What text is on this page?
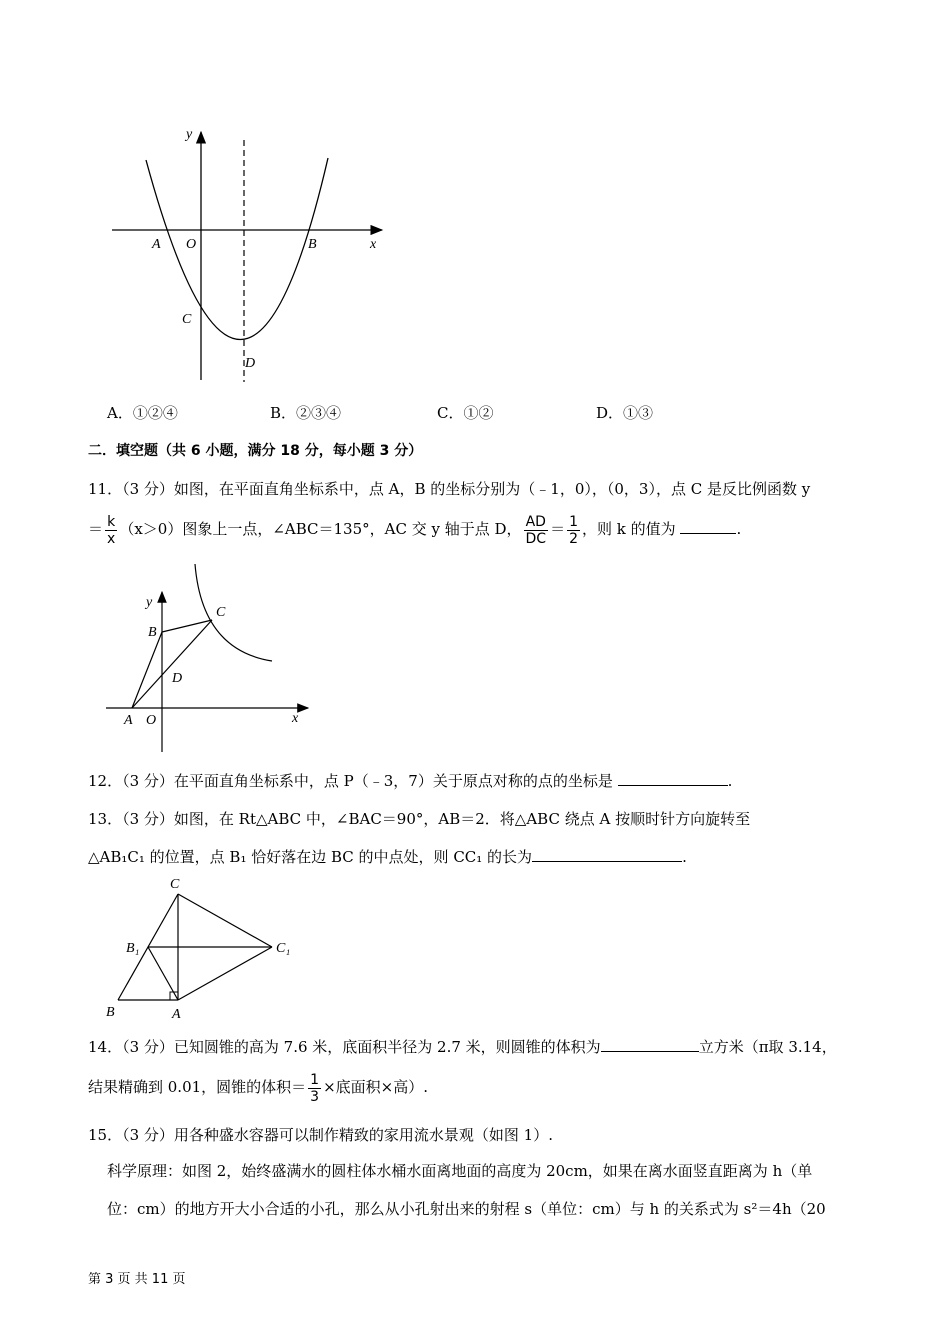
y
x
A O	B
C
D
A．①②④	B．②③④	C．①②	D．①③
二．填空题（共 6 小题，满分 18 分，每小题 3 分）
11．（3 分）如图，在平面直角坐标系中，点 A，B 的坐标分别为（﹣1，0），（0，3），点 C 是反比例函数 y
＝ $\frac{k}{x} (x>0)$图象上一点，∠ABC＝135°，AC 交 y 轴于点 D， $\frac{AD}{DC} = \frac{1}{2}$ ，则 k 的值为	.
y
x
A O
B
C
D
12．（3 分）在平面直角坐标系中，点 P（﹣3，7）关于原点对称的点的坐标是	.
13．（3 分）如图，在 Rt△ABC 中，∠BAC＝90°，AB＝2．将△ABC 绕点 A 按顺时针方向旋转至
△AB₁C₁ 的位置，点 B₁ 恰好落在边 BC 的中点处，则 CC₁ 的长为	.
C
B₁	C₁
B	A
14．（3 分）已知圆锥的高为 7.6 米，底面积半径为 2.7 米，则圆锥的体积为	立方米（π取 3.14，
结果精确到 0.01，圆锥的体积＝ $\frac{1}{3}$ ×底面积×高）.
15．（3 分）用各种盛水容器可以制作精致的家用流水景观（如图 1）.
科学原理：如图 2，始终盛满水的圆柱体水桶水面离地面的高度为 20cm，如果在离水面竖直距离为 h（单
位：cm）的地方开大小合适的小孔，那么从小孔射出来的射程 s（单位：cm）与 h 的关系式为 s²＝4h（20
第 3 页 共 11 页
